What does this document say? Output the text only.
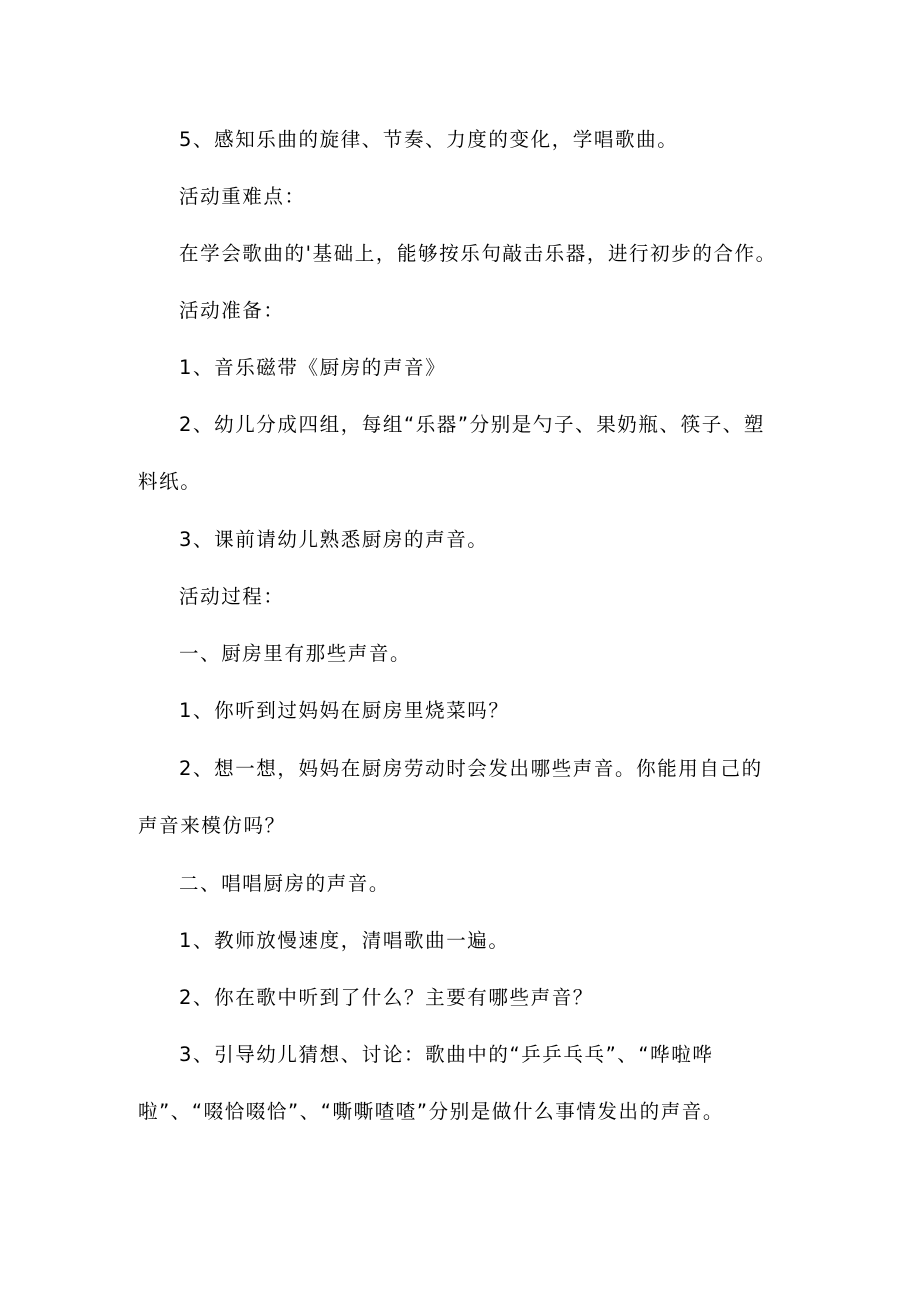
5、感知乐曲的旋律、节奏、力度的变化，学唱歌曲。

活动重难点：

在学会歌曲的'基础上，能够按乐句敲击乐器，进行初步的合作。

活动准备：

1、音乐磁带《厨房的声音》

2、幼儿分成四组，每组“乐器”分别是勺子、果奶瓶、筷子、塑料纸。

3、课前请幼儿熟悉厨房的声音。

活动过程：

一、厨房里有那些声音。

1、你听到过妈妈在厨房里烧菜吗？

2、想一想，妈妈在厨房劳动时会发出哪些声音。你能用自己的声音来模仿吗？

二、唱唱厨房的声音。

1、教师放慢速度，清唱歌曲一遍。

2、你在歌中听到了什么？主要有哪些声音？

3、引导幼儿猜想、讨论：歌曲中的“乒乒乓乓”、“哗啦哗啦”、“啜恰啜恰”、“嘶嘶喳喳”分别是做什么事情发出的声音。
